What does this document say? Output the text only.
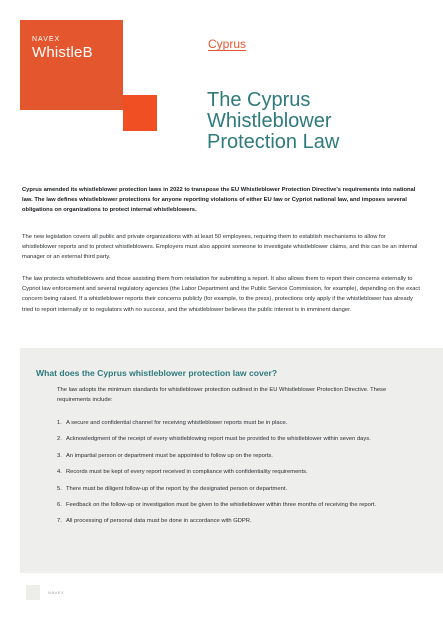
NAVEX
WhistleB	Cyprus
The Cyprus Whistleblower Protection Law

Cyprus amended its whistleblower protection laws in 2022 to transpose the EU Whistleblower Protection Directive's requirements into national law. The law defines whistleblower protections for anyone reporting violations of either EU law or Cypriot national law, and imposes several obligations on organizations to protect internal whistleblowers.

The new legislation covers all public and private organizations with at least 50 employees, requiring them to establish mechanisms to allow for whistleblower reports and to protect whistleblowers. Employers must also appoint someone to investigate whistleblower claims, and this can be an internal manager or an external third party.

The law protects whistleblowers and those assisting them from retaliation for submitting a report. It also allows them to report their concerns externally to Cypriot law enforcement and several regulatory agencies (the Labor Department and the Public Service Commission, for example), depending on the exact concern being raised. If a whistleblower reports their concerns publicly (for example, to the press), protections only apply if the whistleblower has already tried to report internally or to regulators with no success, and the whistleblower believes the public interest is in imminent danger.

What does the Cyprus whistleblower protection law cover?

The law adopts the minimum standards for whistleblower protection outlined in the EU Whistleblower Protection Directive. These requirements include:

1. A secure and confidential channel for receiving whistleblower reports must be in place.
2. Acknowledgment of the receipt of every whistleblowing report must be provided to the whistleblower within seven days.
3. An impartial person or department must be appointed to follow up on the reports.
4. Records must be kept of every report received in compliance with confidentiality requirements.
5. There must be diligent follow-up of the report by the designated person or department.
6. Feedback on the follow-up or investigation must be given to the whistleblower within three months of receiving the report.
7. All processing of personal data must be done in accordance with GDPR.
NAVEX
